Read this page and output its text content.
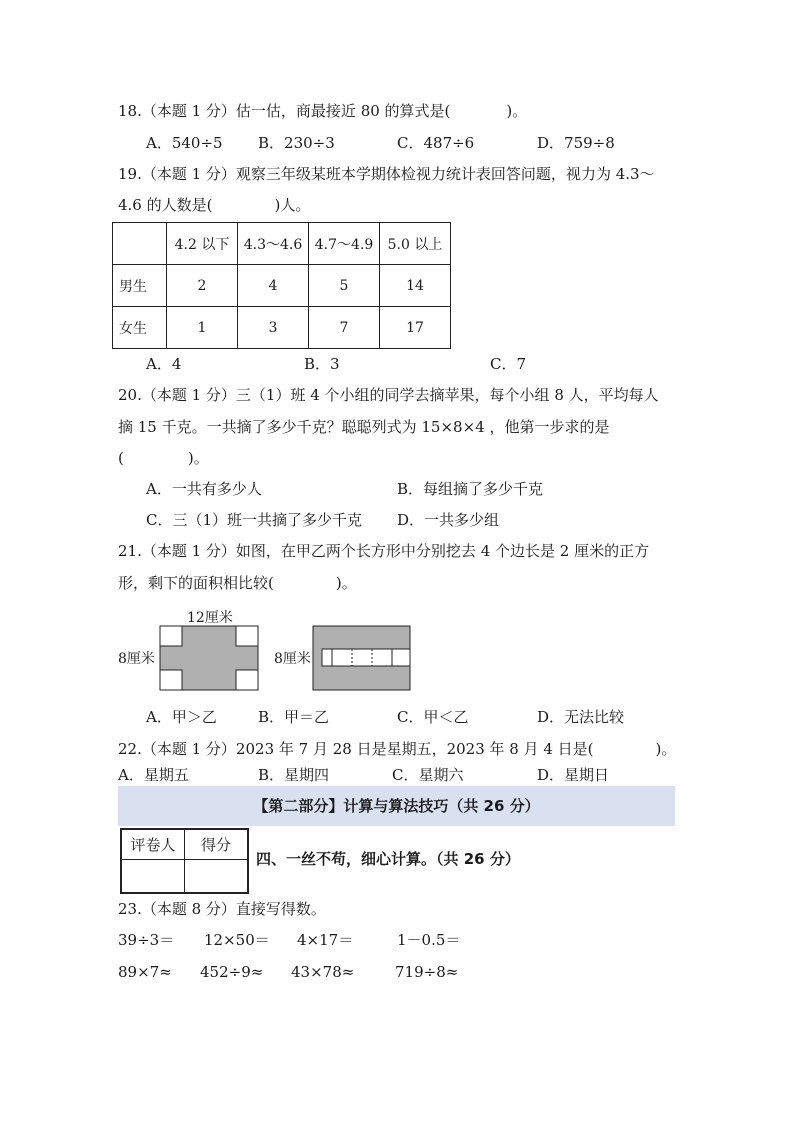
18.（本题 1 分）估一估，商最接近 80 的算式是(	)。
A．540÷5 B．230÷3	C．487÷6	D．759÷8
19.（本题 1 分）观察三年级某班本学期体检视力统计表回答问题，视力为 4.3～
4.6 的人数是(	)人。
	4.2 以下	4.3～4.6	4.7～4.9	5.0 以上
男生	2	4	5	14
女生	1	3	7	17
A．4	B．3	C．7
20.（本题 1 分）三（1）班 4 个小组的同学去摘苹果，每个小组 8 人，平均每人
摘 15 千克。一共摘了多少千克？聪聪列式为 15×8×4 ，他第一步求的是
(	)。
A．一共有多少人	B．每组摘了多少千克
C．三（1）班一共摘了多少千克 D．一共多少组
21.（本题 1 分）如图，在甲乙两个长方形中分别挖去 4 个边长是 2 厘米的正方
形，剩下的面积相比较(	)。
12厘米
8厘米	8厘米
A．甲＞乙	B．甲＝乙	C．甲＜乙	D．无法比较
22.（本题 1 分）2023 年 7 月 28 日是星期五，2023 年 8 月 4 日是(	)。
A．星期五	B．星期四	C．星期六	D．星期日
【第二部分】计算与算法技巧（共 26 分）
评卷人	得分

四、一丝不苟，细心计算。（共 26 分）
23.（本题 8 分）直接写得数。
39÷3＝ 12×50＝ 4×17＝	1－0.5＝
89×7≈ 452÷9≈ 43×78≈	719÷8≈
